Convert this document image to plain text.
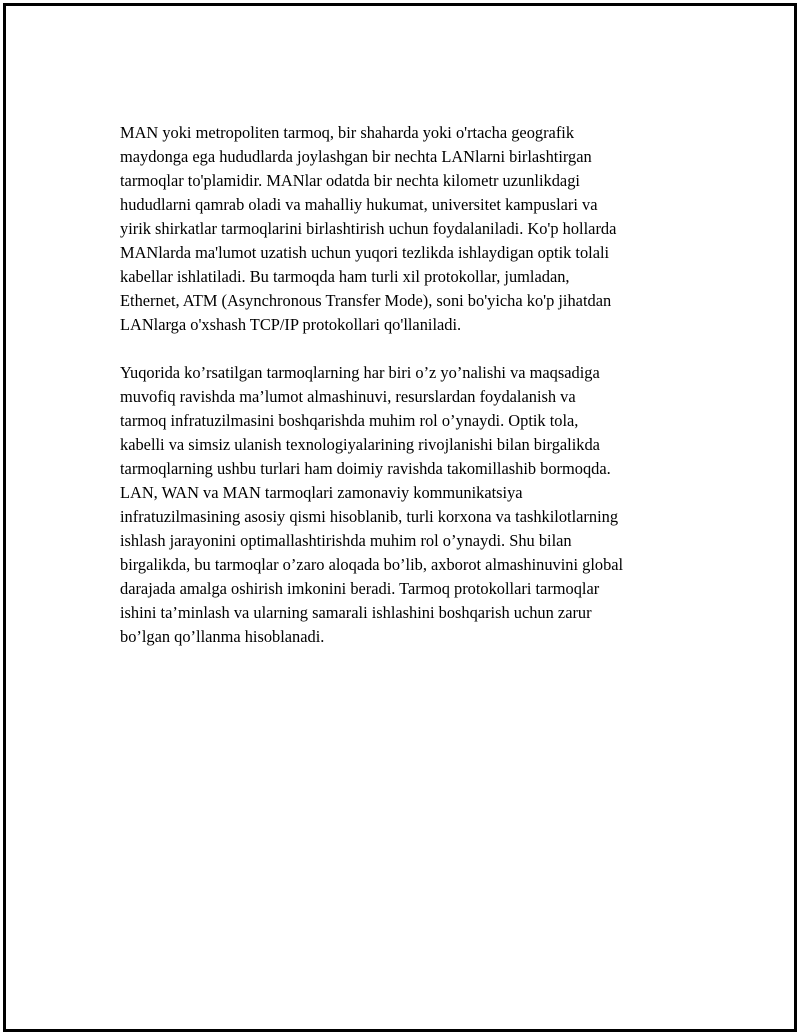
MAN yoki metropoliten tarmoq, bir shaharda yoki o'rtacha geografik
maydonga ega hududlarda joylashgan bir nechta LANlarni birlashtirgan
tarmoqlar to'plamidir. MANlar odatda bir nechta kilometr uzunlikdagi
hududlarni qamrab oladi va mahalliy hukumat, universitet kampuslari va
yirik shirkatlar tarmoqlarini birlashtirish uchun foydalaniladi. Ko'p hollarda
MANlarda ma'lumot uzatish uchun yuqori tezlikda ishlaydigan optik tolali
kabellar ishlatiladi. Bu tarmoqda ham turli xil protokollar, jumladan,
Ethernet, ATM (Asynchronous Transfer Mode), soni bo'yicha ko'p jihatdan
LANlarga o'xshash TCP/IP protokollari qo'llaniladi.
Yuqorida ko’rsatilgan tarmoqlarning har biri o’z yo’nalishi va maqsadiga
muvofiq ravishda ma’lumot almashinuvi, resurslardan foydalanish va
tarmoq infratuzilmasini boshqarishda muhim rol o’ynaydi. Optik tola,
kabelli va simsiz ulanish texnologiyalarining rivojlanishi bilan birgalikda
tarmoqlarning ushbu turlari ham doimiy ravishda takomillashib bormoqda.
LAN, WAN va MAN tarmoqlari zamonaviy kommunikatsiya
infratuzilmasining asosiy qismi hisoblanib, turli korxona va tashkilotlarning
ishlash jarayonini optimallashtirishda muhim rol o’ynaydi. Shu bilan
birgalikda, bu tarmoqlar o’zaro aloqada bo’lib, axborot almashinuvini global
darajada amalga oshirish imkonini beradi. Tarmoq protokollari tarmoqlar
ishini ta’minlash va ularning samarali ishlashini boshqarish uchun zarur
bo’lgan qo’llanma hisoblanadi.
